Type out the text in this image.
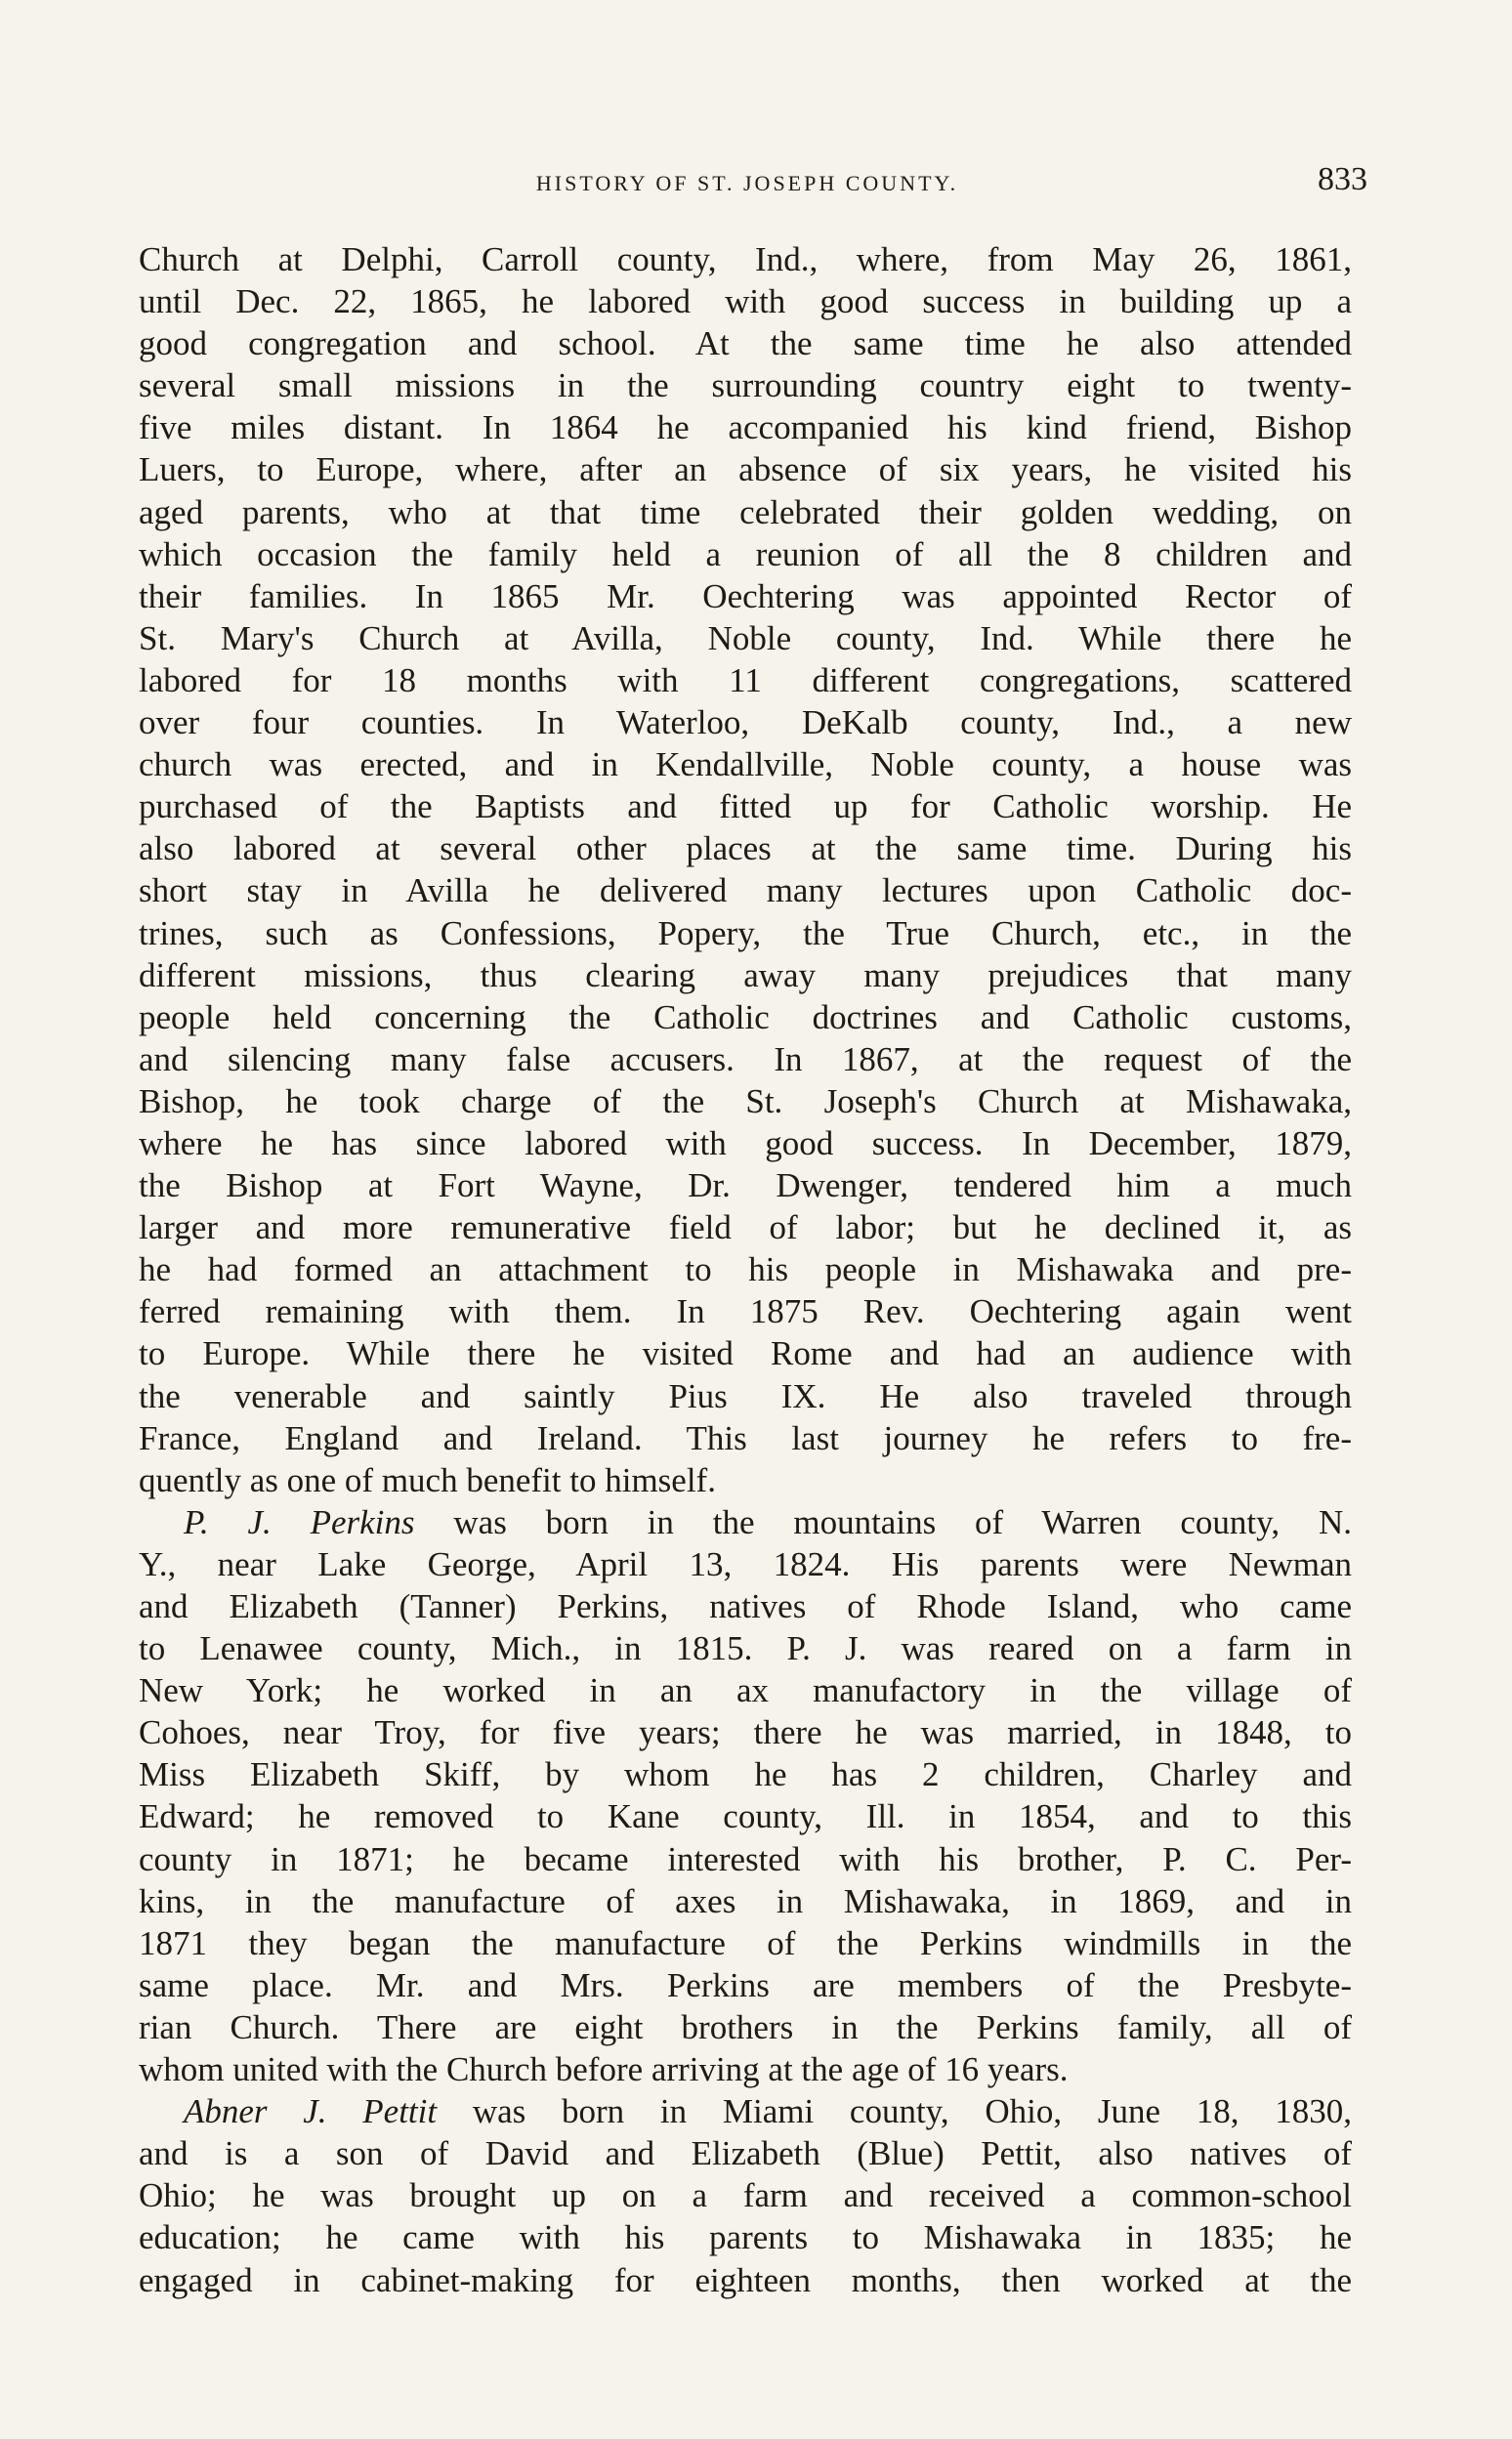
HISTORY OF ST. JOSEPH COUNTY.	833
Church at Delphi, Carroll county, Ind., where, from May 26, 1861,
until Dec. 22, 1865, he labored with good success in building up a
good congregation and school. At the same time he also attended
several small missions in the surrounding country eight to twenty-
five miles distant. In 1864 he accompanied his kind friend, Bishop
Luers, to Europe, where, after an absence of six years, he visited his
aged parents, who at that time celebrated their golden wedding, on
which occasion the family held a reunion of all the 8 children and
their families. In 1865 Mr. Oechtering was appointed Rector of
St. Mary's Church at Avilla, Noble county, Ind. While there he
labored for 18 months with 11 different congregations, scattered
over four counties. In Waterloo, DeKalb county, Ind., a new
church was erected, and in Kendallville, Noble county, a house was
purchased of the Baptists and fitted up for Catholic worship. He
also labored at several other places at the same time. During his
short stay in Avilla he delivered many lectures upon Catholic doc-
trines, such as Confessions, Popery, the True Church, etc., in the
different missions, thus clearing away many prejudices that many
people held concerning the Catholic doctrines and Catholic customs,
and silencing many false accusers. In 1867, at the request of the
Bishop, he took charge of the St. Joseph's Church at Mishawaka,
where he has since labored with good success. In December, 1879,
the Bishop at Fort Wayne, Dr. Dwenger, tendered him a much
larger and more remunerative field of labor; but he declined it, as
he had formed an attachment to his people in Mishawaka and pre-
ferred remaining with them. In 1875 Rev. Oechtering again went
to Europe. While there he visited Rome and had an audience with
the venerable and saintly Pius IX. He also traveled through
France, England and Ireland. This last journey he refers to fre-
quently as one of much benefit to himself.
P. J. Perkins was born in the mountains of Warren county, N.
Y., near Lake George, April 13, 1824. His parents were Newman
and Elizabeth (Tanner) Perkins, natives of Rhode Island, who came
to Lenawee county, Mich., in 1815. P. J. was reared on a farm in
New York; he worked in an ax manufactory in the village of
Cohoes, near Troy, for five years; there he was married, in 1848, to
Miss Elizabeth Skiff, by whom he has 2 children, Charley and
Edward; he removed to Kane county, Ill. in 1854, and to this
county in 1871; he became interested with his brother, P. C. Per-
kins, in the manufacture of axes in Mishawaka, in 1869, and in
1871 they began the manufacture of the Perkins windmills in the
same place. Mr. and Mrs. Perkins are members of the Presbyte-
rian Church. There are eight brothers in the Perkins family, all of
whom united with the Church before arriving at the age of 16 years.
Abner J. Pettit was born in Miami county, Ohio, June 18, 1830,
and is a son of David and Elizabeth (Blue) Pettit, also natives of
Ohio; he was brought up on a farm and received a common-school
education; he came with his parents to Mishawaka in 1835; he
engaged in cabinet-making for eighteen months, then worked at the
